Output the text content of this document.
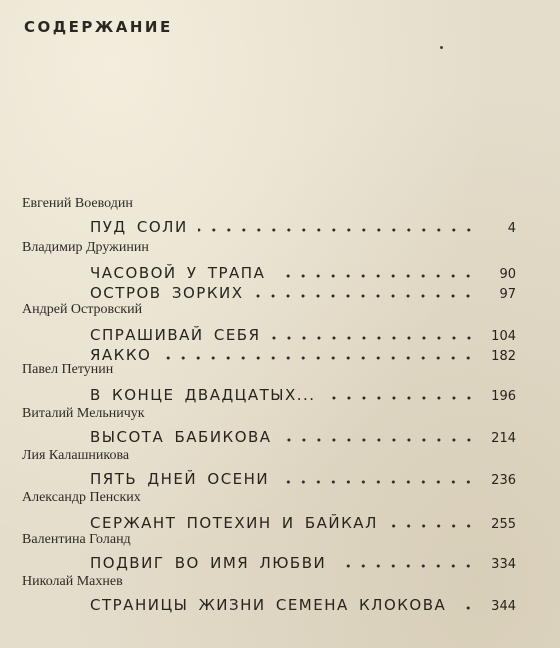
СОДЕРЖАНИЕ
Евгений Воеводин
ПУД СОЛИ	4
Владимир Дружинин
ЧАСОВОЙ У ТРАПА	90
ОСТРОВ ЗОРКИХ	97
Андрей Островский
СПРАШИВАЙ СЕБЯ	104
ЯАККО	182
Павел Петунин
В КОНЦЕ ДВАДЦАТЫХ...	196
Виталий Мельничук
ВЫСОТА БАБИКОВА	214
Лия Калашникова
ПЯТЬ ДНЕЙ ОСЕНИ	236
Александр Пенских
СЕРЖАНТ ПОТЕХИН И БАЙКАЛ	255
Валентина Голанд
ПОДВИГ ВО ИМЯ ЛЮБВИ	334
Николай Махнев
СТРАНИЦЫ ЖИЗНИ СЕМЕНА КЛОКОВА	344
